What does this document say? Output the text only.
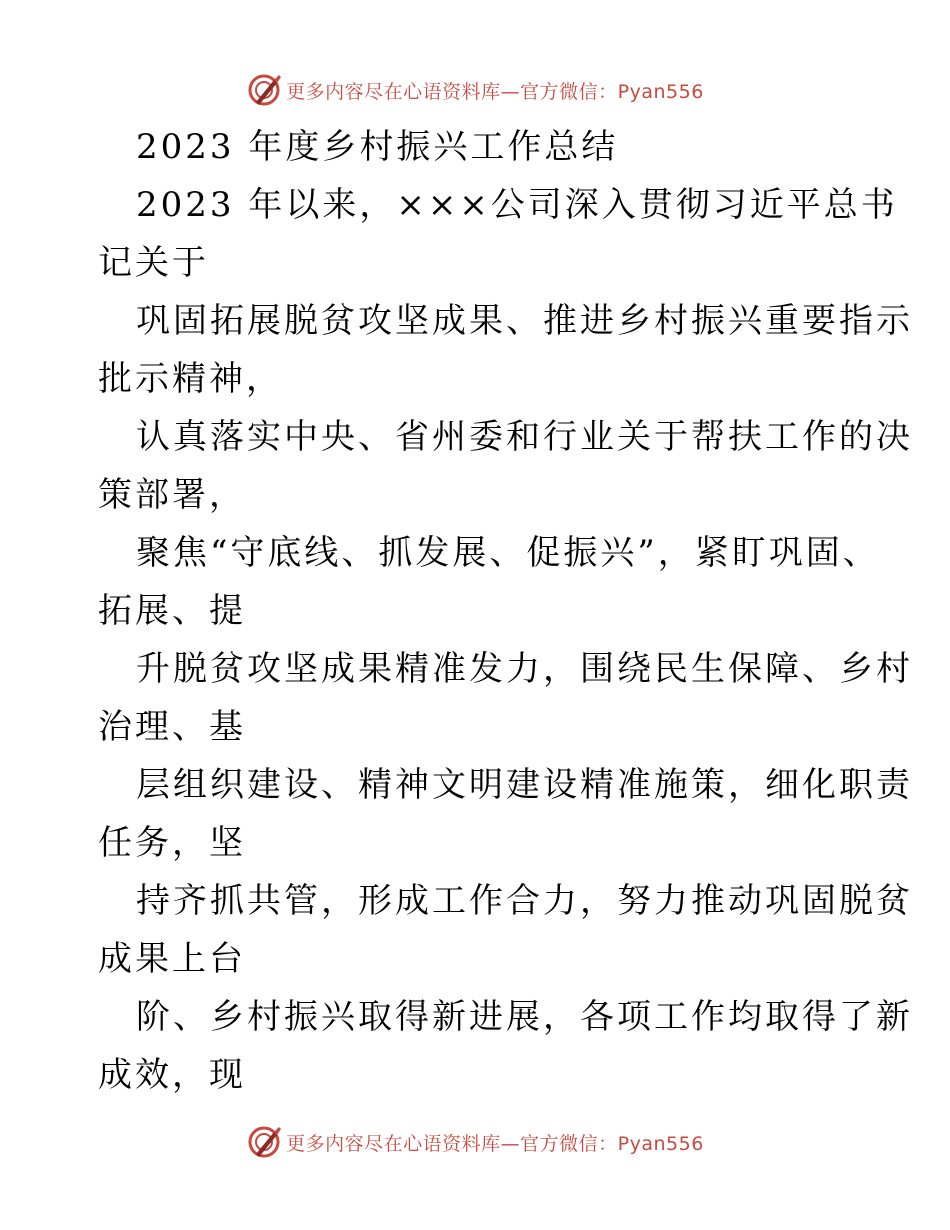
更多内容尽在心语资料库—官方微信：Pyan556
2023 年度乡村振兴工作总结
2023 年以来，×××公司深入贯彻习近平总书
记关于
巩固拓展脱贫攻坚成果、推进乡村振兴重要指示
批示精神，
认真落实中央、省州委和行业关于帮扶工作的决
策部署，
聚焦“守底线、抓发展、促振兴”，紧盯巩固、
拓展、提
升脱贫攻坚成果精准发力，围绕民生保障、乡村
治理、基
层组织建设、精神文明建设精准施策，细化职责
任务，坚
持齐抓共管，形成工作合力，努力推动巩固脱贫
成果上台
阶、乡村振兴取得新进展，各项工作均取得了新
成效，现
更多内容尽在心语资料库—官方微信：Pyan556
